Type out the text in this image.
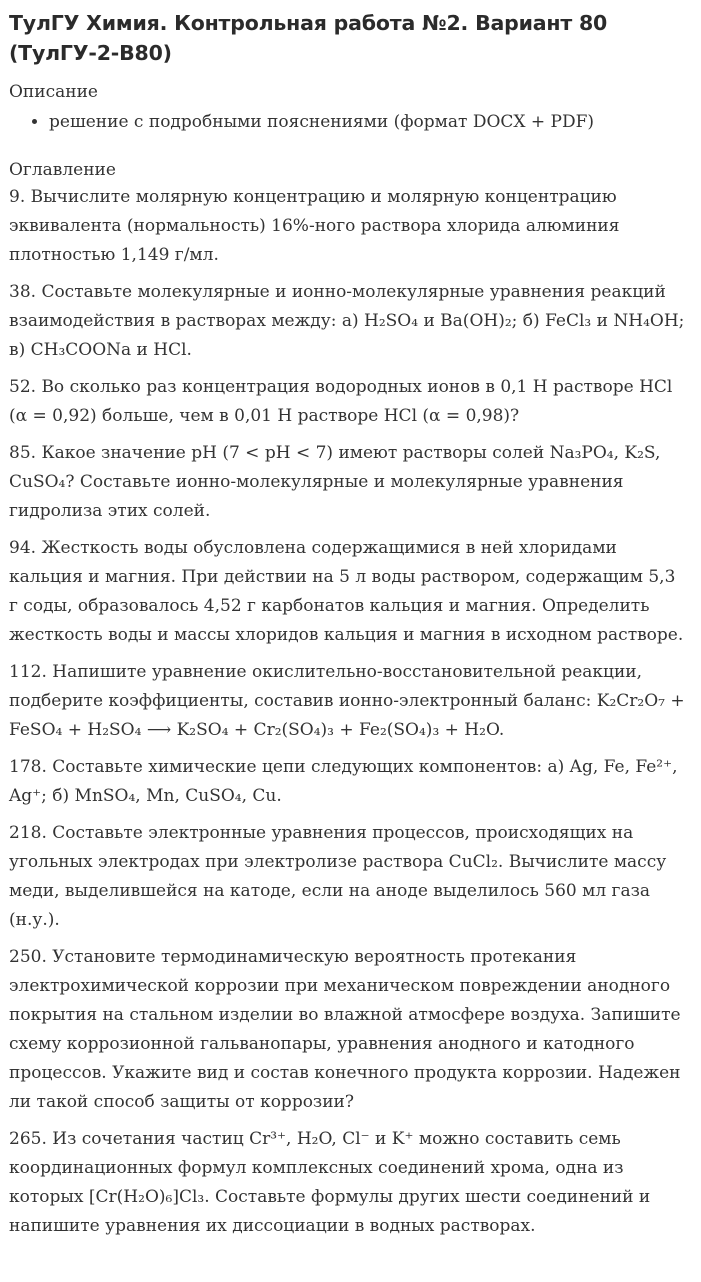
ТулГУ Химия. Контрольная работа №2. Вариант 80 (ТулГУ-2-В80)
Описание
• решение с подробными пояснениями (формат DOCX + PDF)
Оглавление

9. Вычислите молярную концентрацию и молярную концентрацию эквивалента (нормальность) 16%-ного раствора хлорида алюминия плотностью 1,149 г/мл.

38. Составьте молекулярные и ионно-молекулярные уравнения реакций взаимодействия в растворах между: а) H₂SO₄ и Ba(OH)₂; б) FeCl₃ и NH₄OH; в) CH₃COONa и HCl.

52. Во сколько раз концентрация водородных ионов в 0,1 Н растворе HCl (α = 0,92) больше, чем в 0,01 Н растворе HCl (α = 0,98)?

85. Какое значение pH (7 < pH < 7) имеют растворы солей Na₃PO₄, K₂S, CuSO₄? Составьте ионно-молекулярные и молекулярные уравнения гидролиза этих солей.

94. Жесткость воды обусловлена содержащимися в ней хлоридами кальция и магния. При действии на 5 л воды раствором, содержащим 5,3 г соды, образовалось 4,52 г карбонатов кальция и магния. Определить жесткость воды и массы хлоридов кальция и магния в исходном растворе.

112. Напишите уравнение окислительно-восстановительной реакции, подберите коэффициенты, составив ионно-электронный баланс: K₂Cr₂O₇ + FeSO₄ + H₂SO₄ ⟶ K₂SO₄ + Cr₂(SO₄)₃ + Fe₂(SO₄)₃ + H₂O.

178. Составьте химические цепи следующих компонентов: а) Ag, Fe, Fe²⁺, Ag⁺; б) MnSO₄, Mn, CuSO₄, Cu.

218. Составьте электронные уравнения процессов, происходящих на угольных электродах при электролизе раствора CuCl₂. Вычислите массу меди, выделившейся на катоде, если на аноде выделилось 560 мл газа (н.у.).

250. Установите термодинамическую вероятность протекания электрохимической коррозии при механическом повреждении анодного покрытия на стальном изделии во влажной атмосфере воздуха. Запишите схему коррозионной гальванопары, уравнения анодного и катодного процессов. Укажите вид и состав конечного продукта коррозии. Надежен ли такой способ защиты от коррозии?

265. Из сочетания частиц Cr³⁺, H₂O, Cl⁻ и K⁺ можно составить семь координационных формул комплексных соединений хрома, одна из которых [Cr(H₂O)₆]Cl₃. Составьте формулы других шести соединений и напишите уравнения их диссоциации в водных растворах.
